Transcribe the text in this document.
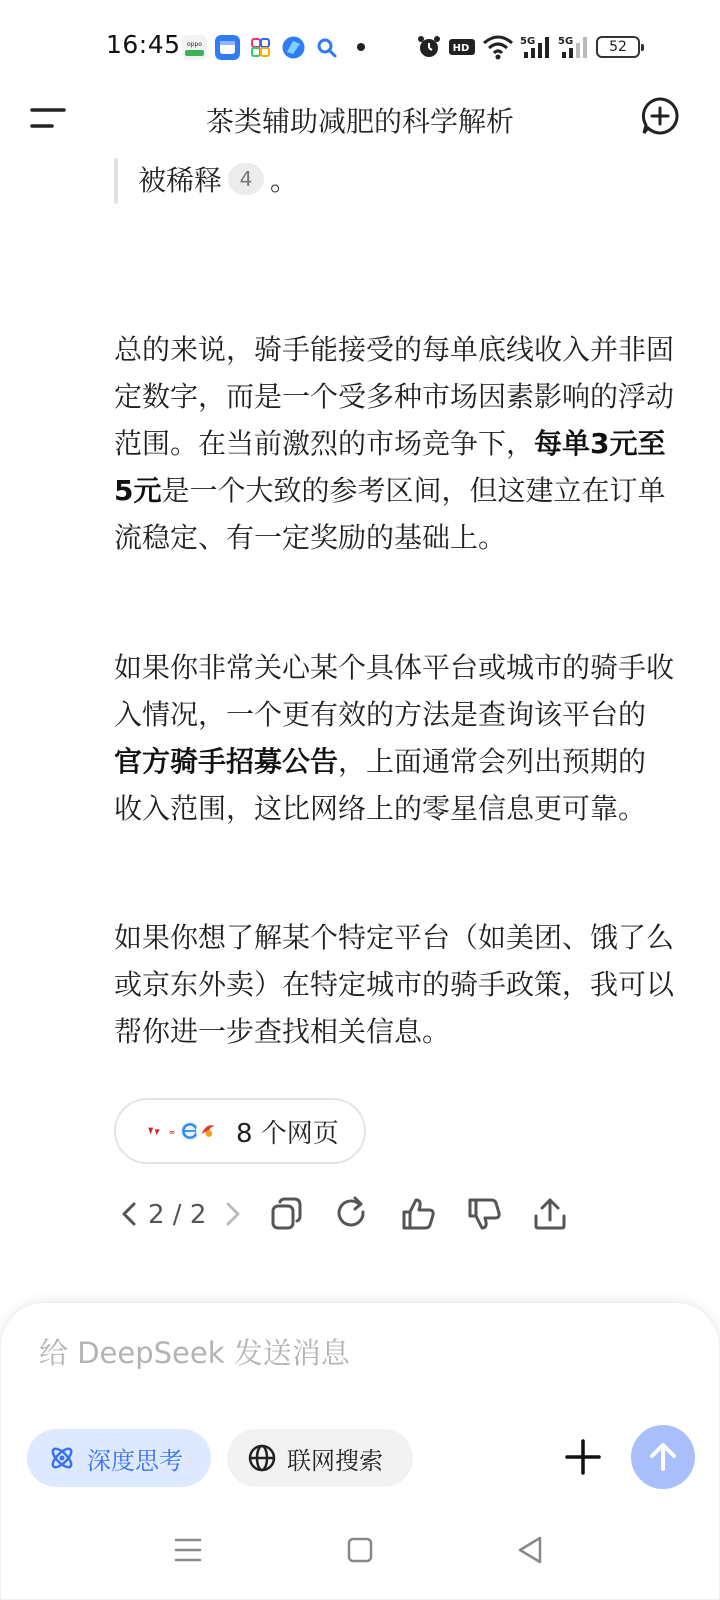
16:45 oppo	HD
5G 5G	52
茶类辅助减肥的科学解析
被稀释 4 。

总的来说，骑手能接受的每单底线收入并非固定数字，而是一个受多种市场因素影响的浮动范围。在当前激烈的市场竞争下，每单3元至5元是一个大致的参考区间，但这建立在订单流稳定、有一定奖励的基础上。

如果你非常关心某个具体平台或城市的骑手收入情况，一个更有效的方法是查询该平台的官方骑手招募公告，上面通常会列出预期的收入范围，这比网络上的零星信息更可靠。

如果你想了解某个特定平台（如美团、饿了么或京东外卖）在特定城市的骑手政策，我可以帮你进一步查找相关信息。

∞ 8 个网页
2 / 2
给 DeepSeek 发送消息
深度思考	联网搜索
